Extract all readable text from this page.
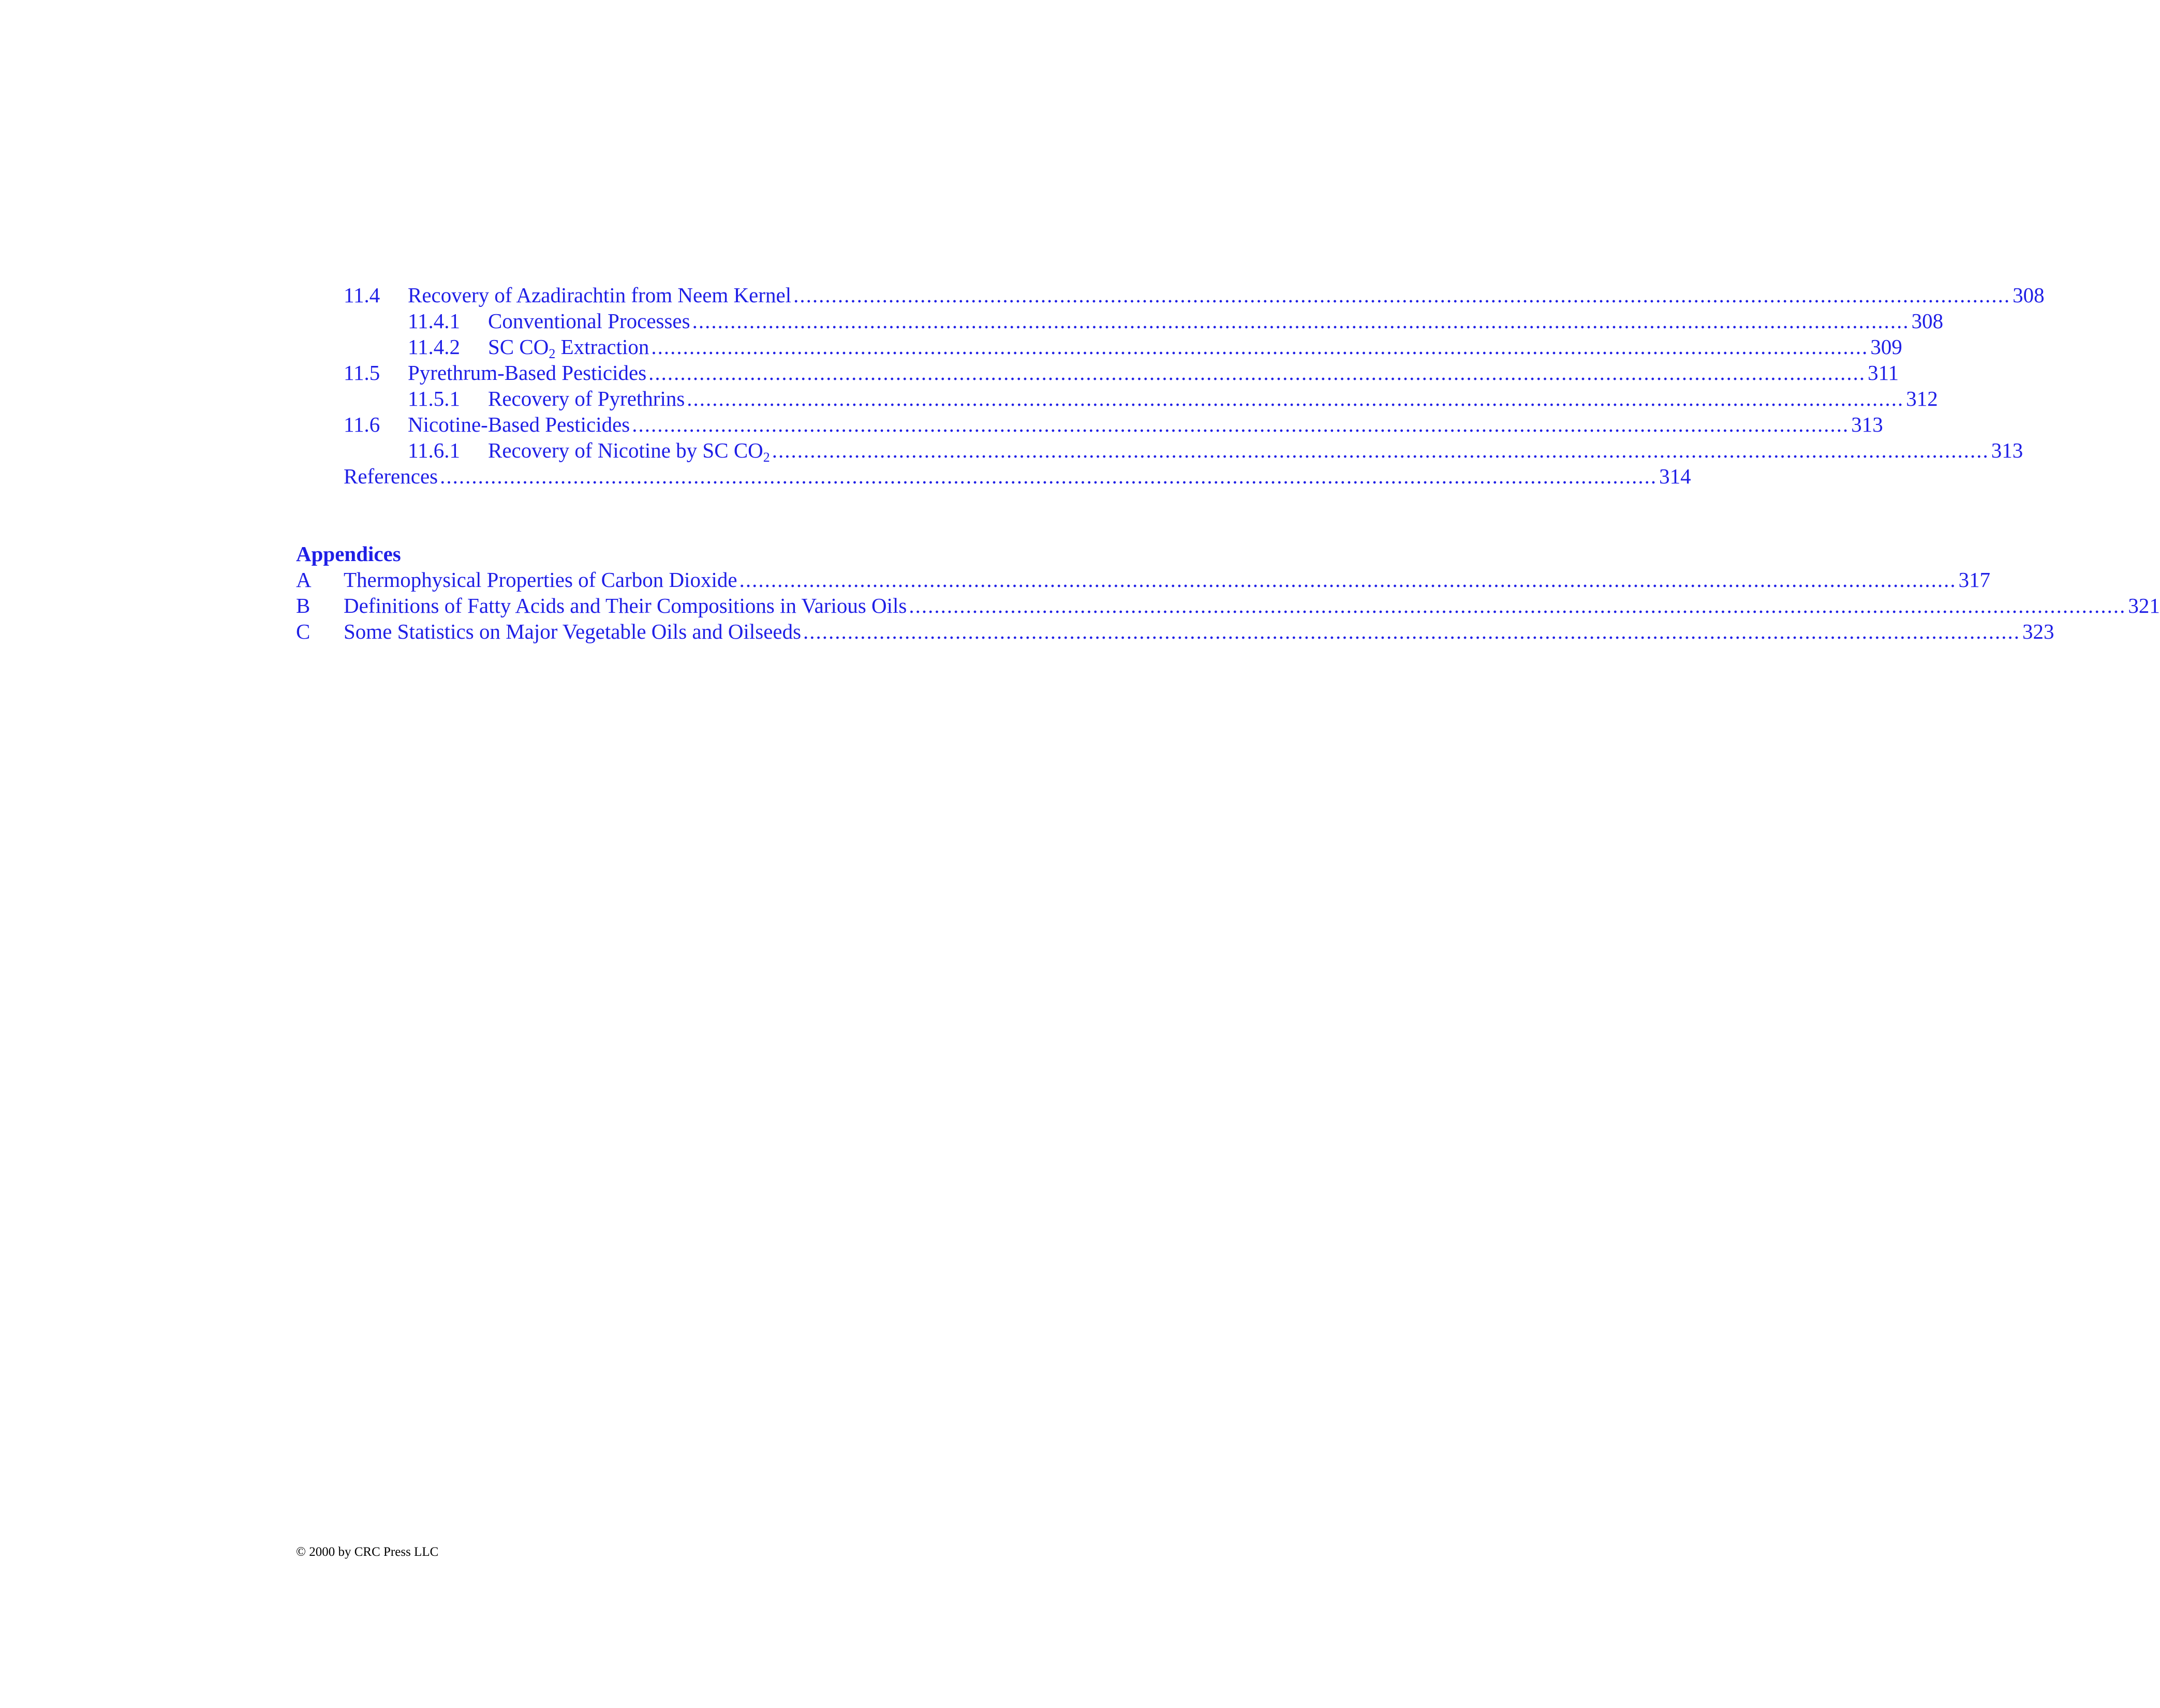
11.4	Recovery of Azadirachtin from Neem Kernel ................................................................................................................................................................................................ 308
11.4.1	Conventional Processes ................................................................................................................................................................................................ 308
11.4.2	SC $CO_2$ Extraction ................................................................................................................................................................................................ 309
11.5	Pyrethrum-Based Pesticides ................................................................................................................................................................................................ 311
11.5.1	Recovery of Pyrethrins ................................................................................................................................................................................................ 312
11.6	Nicotine-Based Pesticides ................................................................................................................................................................................................ 313
11.6.1	Recovery of Nicotine by SC $CO_2$ ................................................................................................................................................................................................ 313
References ................................................................................................................................................................................................ 314
Appendices
A	Thermophysical Properties of Carbon Dioxide ................................................................................................................................................................................................ 317
B	Definitions of Fatty Acids and Their Compositions in Various Oils ................................................................................................................................................................................................ 321
C	Some Statistics on Major Vegetable Oils and Oilseeds ................................................................................................................................................................................................ 323
© 2000 by CRC Press LLC
